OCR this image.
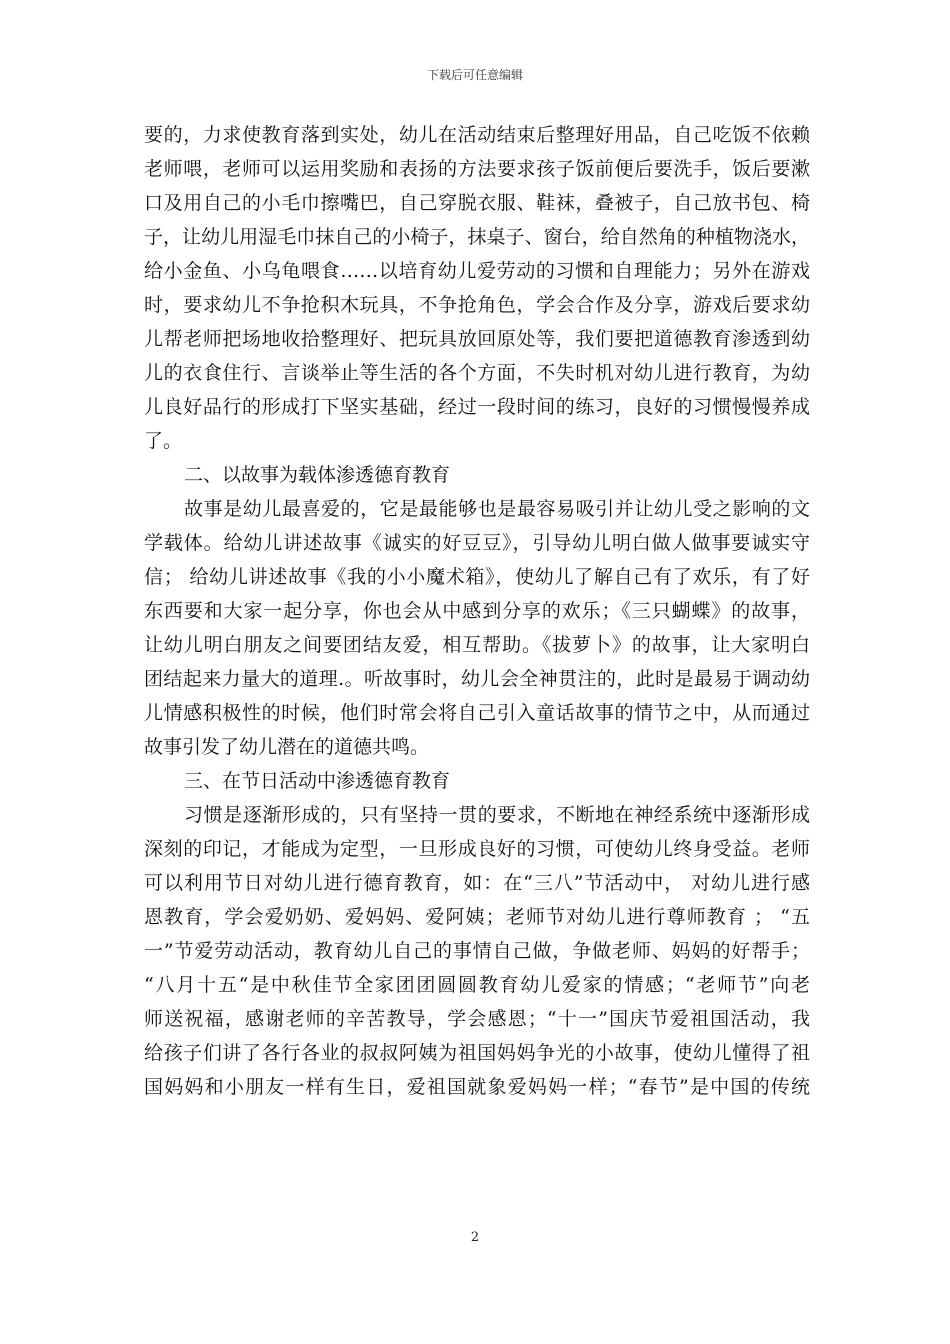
下载后可任意编辑
要的，力求使教育落到实处，幼儿在活动结束后整理好用品，自己吃饭不依赖
老师喂，老师可以运用奖励和表扬的方法要求孩子饭前便后要洗手，饭后要漱
口及用自己的小毛巾擦嘴巴，自己穿脱衣服、鞋袜，叠被子，自己放书包、椅
子，让幼儿用湿毛巾抹自己的小椅子，抹桌子、窗台，给自然角的种植物浇水，
给小金鱼、小乌龟喂食……以培育幼儿爱劳动的习惯和自理能力；另外在游戏
时，要求幼儿不争抢积木玩具，不争抢角色，学会合作及分享，游戏后要求幼
儿帮老师把场地收拾整理好、把玩具放回原处等，我们要把道德教育渗透到幼
儿的衣食住行、言谈举止等生活的各个方面，不失时机对幼儿进行教育，为幼
儿良好品行的形成打下坚实基础，经过一段时间的练习，良好的习惯慢慢养成
了。
二、以故事为载体渗透德育教育
故事是幼儿最喜爱的，它是最能够也是最容易吸引并让幼儿受之影响的文
学载体。给幼儿讲述故事《诚实的好豆豆》，引导幼儿明白做人做事要诚实守
信； 给幼儿讲述故事《我的小小魔术箱》，使幼儿了解自己有了欢乐，有了好
东西要和大家一起分享，你也会从中感到分享的欢乐；《三只蝴蝶》的故事，
让幼儿明白朋友之间要团结友爱，相互帮助。《拔萝卜》的故事，让大家明白
团结起来力量大的道理.。听故事时，幼儿会全神贯注的，此时是最易于调动幼
儿情感积极性的时候，他们时常会将自己引入童话故事的情节之中，从而通过
故事引发了幼儿潜在的道德共鸣。
三、在节日活动中渗透德育教育
习惯是逐渐形成的，只有坚持一贯的要求，不断地在神经系统中逐渐形成
深刻的印记，才能成为定型，一旦形成良好的习惯，可使幼儿终身受益。老师
可以利用节日对幼儿进行德育教育，如：在“三八”节活动中， 对幼儿进行感
恩教育，学会爱奶奶、爱妈妈、爱阿姨；老师节对幼儿进行尊师教育 ； “五
一”节爱劳动活动，教育幼儿自己的事情自己做，争做老师、妈妈的好帮手；
“八月十五“是中秋佳节全家团团圆圆教育幼儿爱家的情感；“老师节”向老
师送祝福，感谢老师的辛苦教导，学会感恩；“十一”国庆节爱祖国活动，我
给孩子们讲了各行各业的叔叔阿姨为祖国妈妈争光的小故事，使幼儿懂得了祖
国妈妈和小朋友一样有生日，爱祖国就象爱妈妈一样；“春节”是中国的传统
2
